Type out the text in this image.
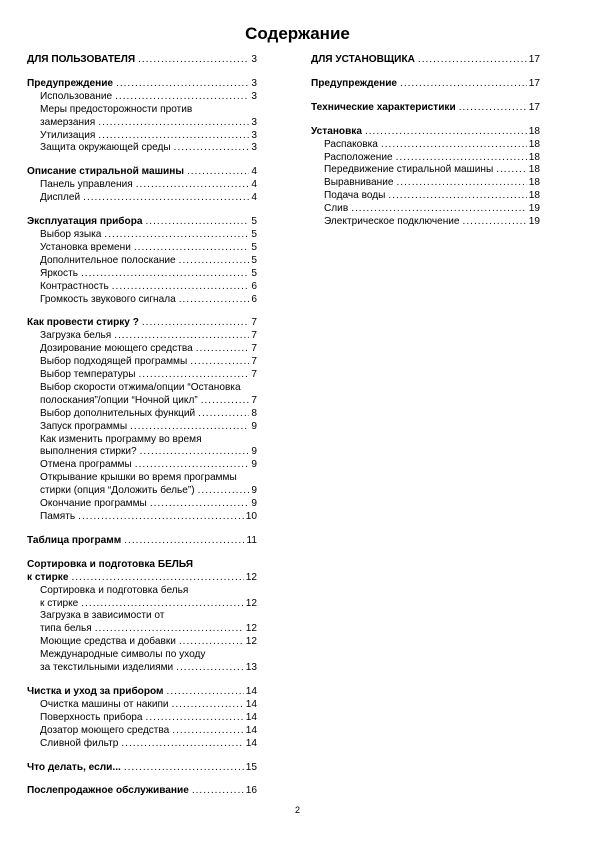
Содержание
ДЛЯ ПОЛЬЗОВАТЕЛЯ .....	3
Предупреждение .....	3
Использование .....	3
Меры предосторожности против
замерзания .....	3
Утилизация .....	3
Защита окружающей среды .....	3
Описание стиральной машины .....	4
Панель управления .....	4
Дисплей .....	4
Эксплуатация прибора .....	5
Выбор языка .....	5
Установка времени .....	5
Дополнительное полоскание .....	5
Яркость .....	5
Контрастность .....	6
Громкость звукового сигнала .....	6
Как провести стирку ? .....	7
Загрузка белья .....	7
Дозирование моющего средства .....	7
Выбор подходящей программы .....	7
Выбор температуры .....	7
Выбор скорости отжима/опции “Остановка
полоскания”/опции “Ночной цикл” .....	7
Выбор дополнительных функций .....	8
Запуск программы .....	9
Как изменить программу во время
выполнения стирки? .....	9
Отмена программы .....	9
Открывание крышки во время программы
стирки (опция “Доложить белье”) .....	9
Окончание программы .....	9
Память .....	10
Таблица программ .....	11
Сортировка и подготовка БЕЛЬЯ
к стирке .....	12
Сортировка и подготовка белья
к стирке .....	12
Загрузка в зависимости от
типа белья .....	12
Моющие средства и добавки .....	12
Международные символы по уходу
за текстильными изделиями .....	13
Чистка и уход за прибором .....	14
Очистка машины от накипи .....	14
Поверхность прибора .....	14
Дозатор моющего средства .....	14
Сливной фильтр .....	14
Что делать, если... .....	15
Послепродажное обслуживание .....	16
ДЛЯ УСТАНОВЩИКА .....	17
Предупреждение .....	17
Технические характеристики .....	17
Установка .....	18
Распаковка .....	18
Расположение .....	18
Передвижение стиральной машины .....	18
Выравнивание .....	18
Подача воды .....	18
Слив .....	19
Электрическое подключение .....	19
2
